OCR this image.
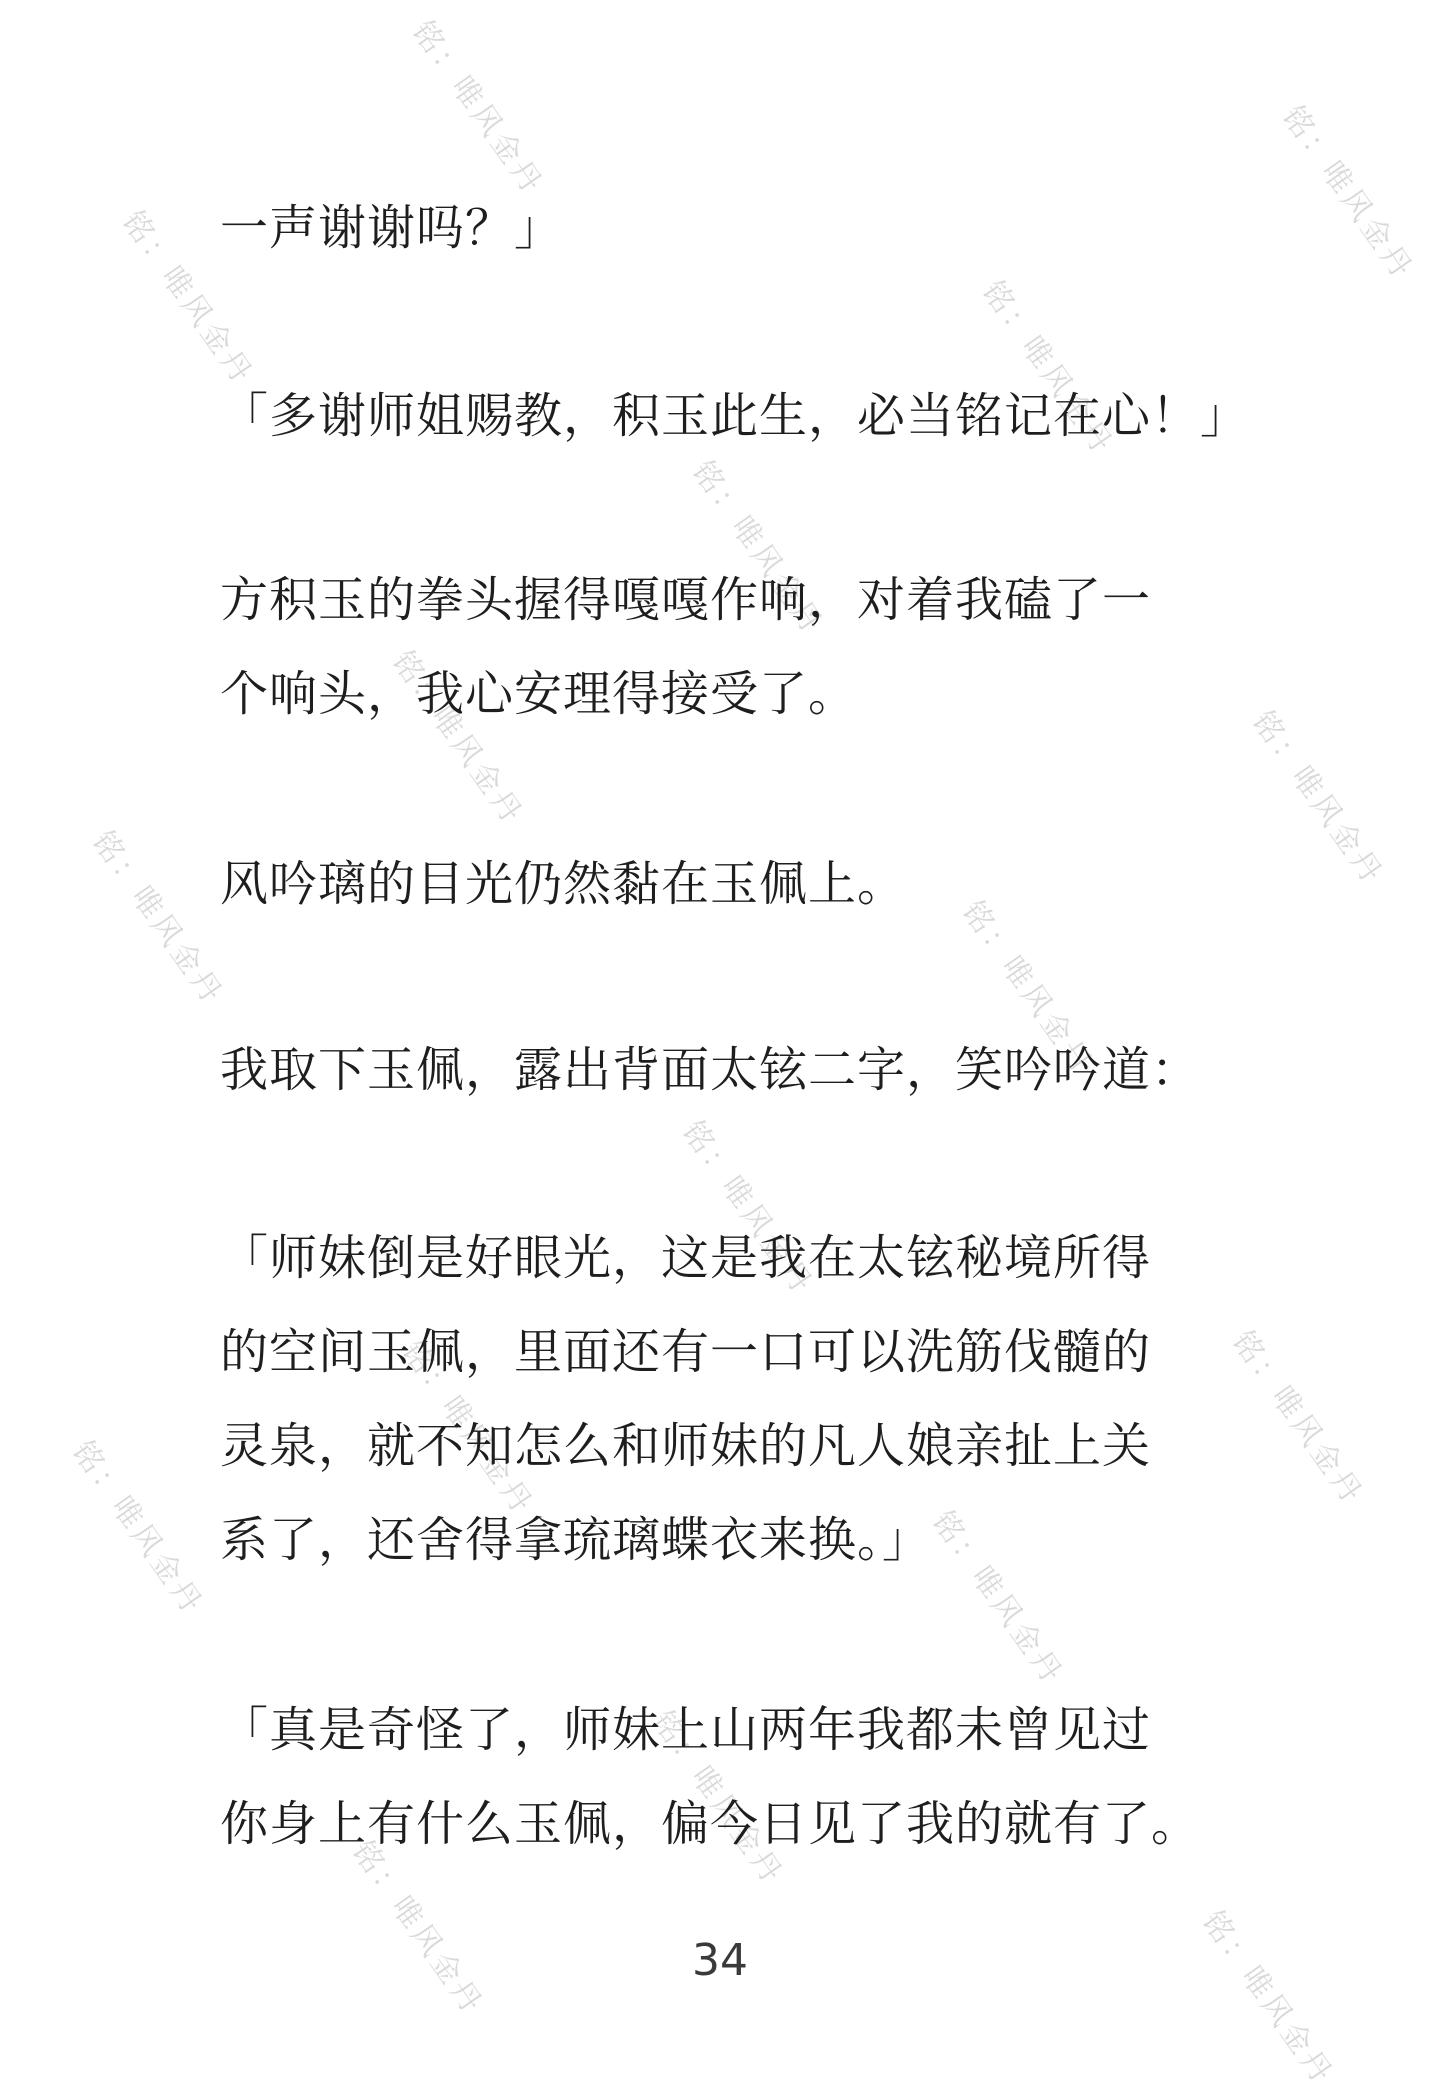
铭：唯风金丹	铭：唯风金丹
铭：唯风金丹	铭：唯风金丹
铭：唯风金丹
铭：唯风金丹	铭：唯风金丹
铭：唯风金丹	铭：唯风金丹
铭：唯风金丹
铭：唯风金丹
铭：唯风金丹
铭：唯风金丹	铭：唯风金丹
铭：唯风金丹
铭：唯风金丹	铭：唯风金丹
一声谢谢吗？」
「多谢师姐赐教，积玉此生，必当铭记在心！」
方积玉的拳头握得嘎嘎作响，对着我磕了一
个响头，我心安理得接受了。
风吟璃的目光仍然黏在玉佩上。
我取下玉佩，露出背面太铉二字，笑吟吟道：
「师妹倒是好眼光，这是我在太铉秘境所得
的空间玉佩，里面还有一口可以洗筋伐髓的
灵泉，就不知怎么和师妹的凡人娘亲扯上关
系了，还舍得拿琉璃蝶衣来换。」
「真是奇怪了，师妹上山两年我都未曾见过
你身上有什么玉佩，偏今日见了我的就有了。
34
